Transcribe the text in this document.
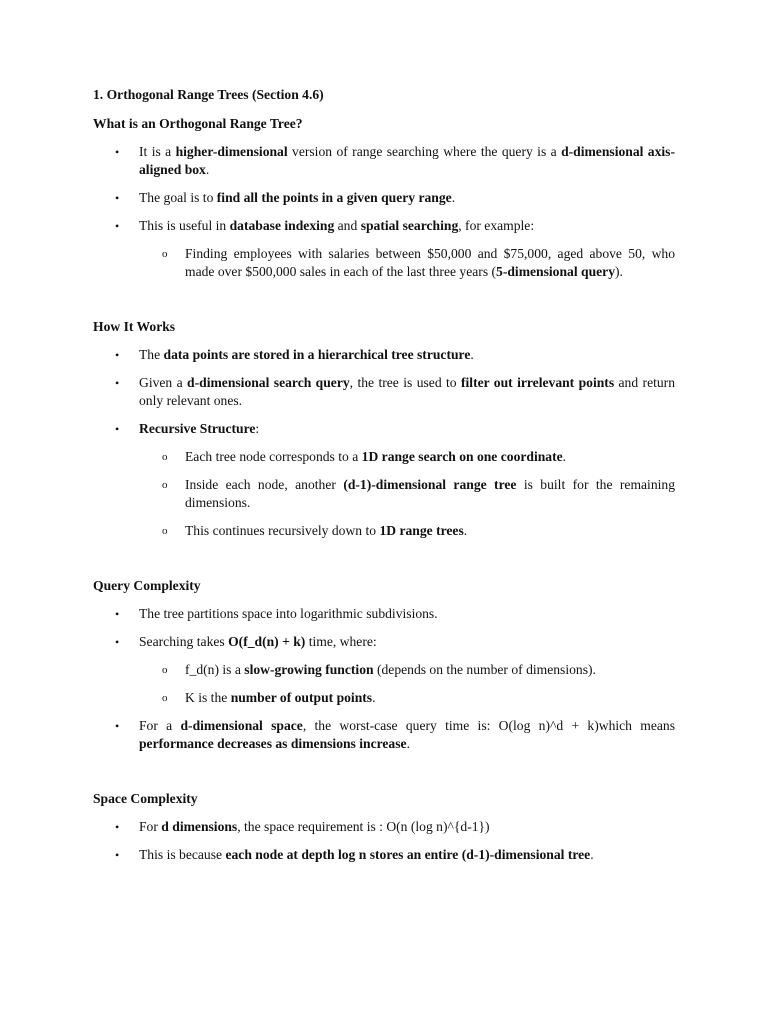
1. Orthogonal Range Trees (Section 4.6)
What is an Orthogonal Range Tree?
• It is a higher-dimensional version of range searching where the query is a d-dimensional axis-aligned box.
• The goal is to find all the points in a given query range.
• This is useful in database indexing and spatial searching, for example:
o Finding employees with salaries between $50,000 and $75,000, aged above 50, who made over $500,000 sales in each of the last three years (5-dimensional query).
How It Works
• The data points are stored in a hierarchical tree structure.
• Given a d-dimensional search query, the tree is used to filter out irrelevant points and return only relevant ones.
• Recursive Structure:
o Each tree node corresponds to a 1D range search on one coordinate.
o Inside each node, another (d-1)-dimensional range tree is built for the remaining dimensions.
o This continues recursively down to 1D range trees.
Query Complexity
• The tree partitions space into logarithmic subdivisions.
• Searching takes O(f_d(n) + k) time, where:
o f_d(n) is a slow-growing function (depends on the number of dimensions).
o K is the number of output points.
• For a d-dimensional space, the worst-case query time is: O(log n)^d + k)which means performance decreases as dimensions increase.
Space Complexity
• For d dimensions, the space requirement is : O(n (log n)^{d-1})
• This is because each node at depth log n stores an entire (d-1)-dimensional tree.
